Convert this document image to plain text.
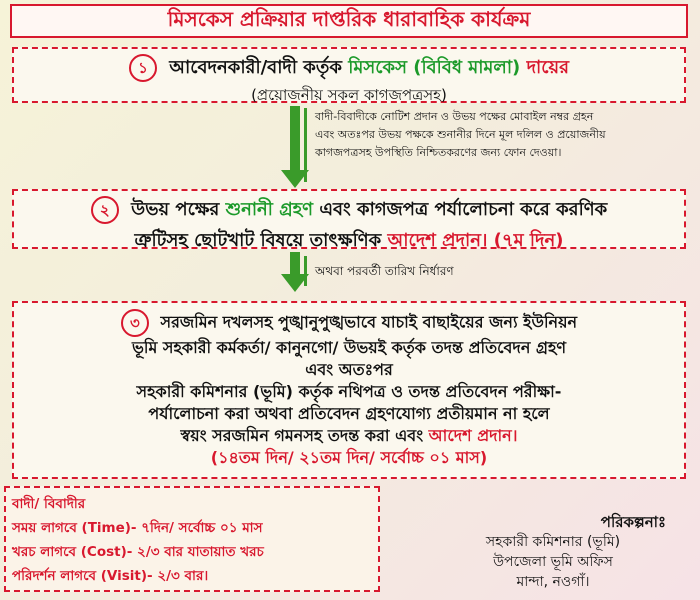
মিসকেস প্রক্রিয়ার দাপ্তরিক ধারাবাহিক কার্যক্রম
১ আবেদনকারী/বাদী কর্তৃক মিসকেস (বিবিধ মামলা) দায়ের
(প্রয়োজনীয় সকল কাগজপত্রসহ)
বাদী-বিবাদীকে নোটিশ প্রদান ও উভয় পক্ষের মোবাইল নম্বর গ্রহন
এবং অতঃপর উভয় পক্ষকে শুনানীর দিনে মূল দলিল ও প্রয়োজনীয়
কাগজপত্রসহ উপস্থিতি নিশ্চিতকরণের জন্য ফোন দেওয়া।
২ উভয় পক্ষের শুনানী গ্রহণ এবং কাগজপত্র পর্যালোচনা করে করণিক
ত্রুটিসহ ছোটখাট বিষয়ে তাৎক্ষণিক আদেশ প্রদান। (৭ম দিন)
অথবা পরবর্তী তারিখ নির্ধারণ
৩ সরজমিন দখলসহ পুঙ্খানুপুঙ্খভাবে যাচাই বাছাইয়ের জন্য ইউনিয়ন
ভূমি সহকারী কর্মকর্তা/ কানুনগো/ উভয়ই কর্তৃক তদন্ত প্রতিবেদন গ্রহণ
এবং অতঃপর
সহকারী কমিশনার (ভূমি) কর্তৃক নথিপত্র ও তদন্ত প্রতিবেদন পরীক্ষা-
পর্যালোচনা করা অথবা প্রতিবেদন গ্রহণযোগ্য প্রতীয়মান না হলে
স্বয়ং সরজমিন গমনসহ তদন্ত করা এবং আদেশ প্রদান।
(১৪তম দিন/ ২১তম দিন/ সর্বোচ্চ ০১ মাস)
বাদী/ বিবাদীর
সময় লাগবে (Time)- ৭দিন/ সর্বোচ্চ ০১ মাস
খরচ লাগবে (Cost)- ২/৩ বার যাতায়াত খরচ
পরিদর্শন লাগবে (Visit)- ২/৩ বার।
পরিকল্পনাঃ
সহকারী কমিশনার (ভূমি)
উপজেলা ভূমি অফিস
মান্দা, নওগাঁ।
